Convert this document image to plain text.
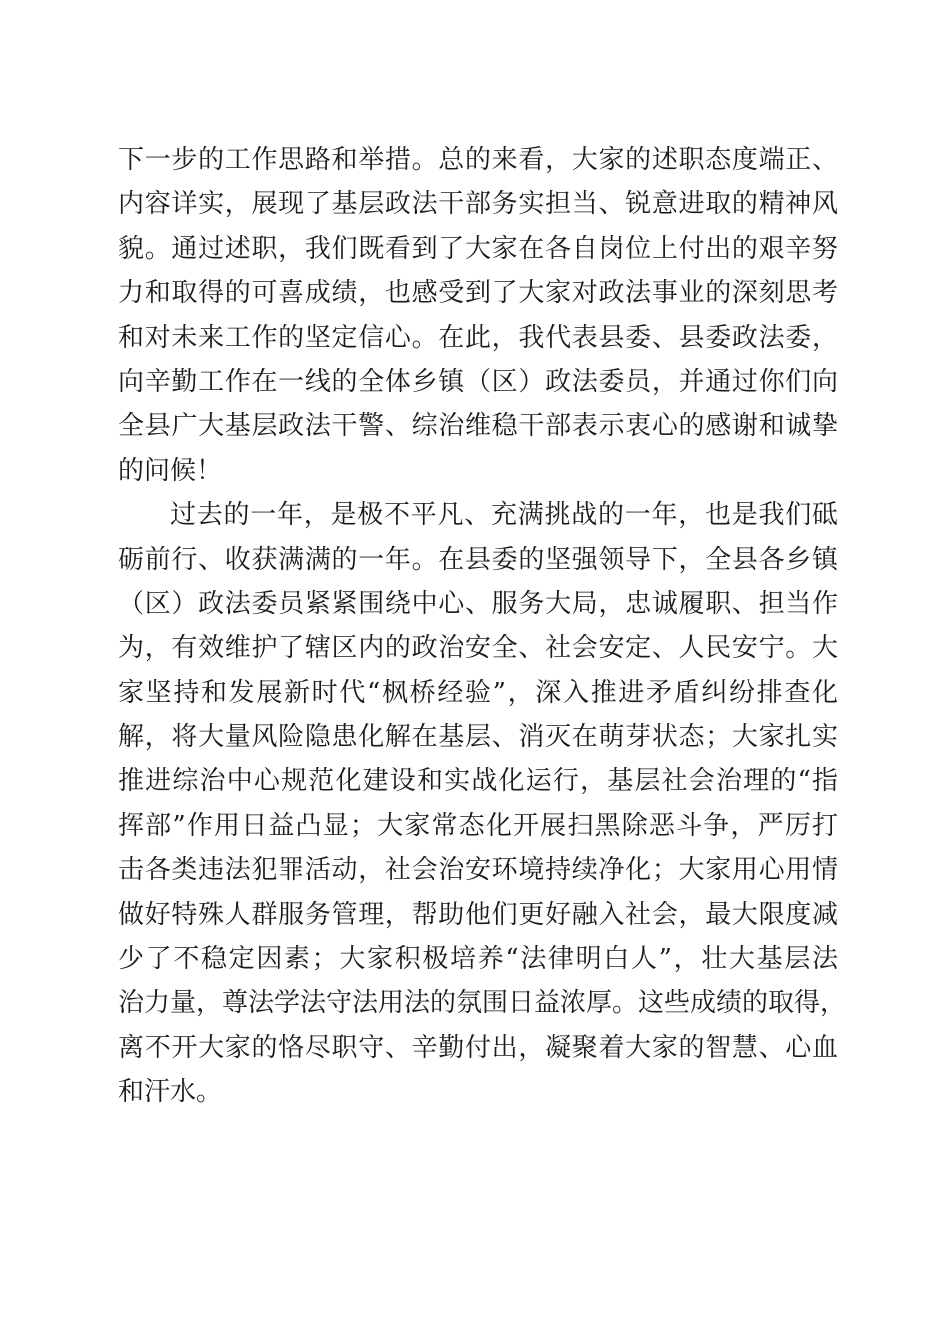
下一步的工作思路和举措。总的来看，大家的述职态度端正、
内容详实，展现了基层政法干部务实担当、锐意进取的精神风
貌。通过述职，我们既看到了大家在各自岗位上付出的艰辛努
力和取得的可喜成绩，也感受到了大家对政法事业的深刻思考
和对未来工作的坚定信心。在此，我代表县委、县委政法委，
向辛勤工作在一线的全体乡镇（区）政法委员，并通过你们向
全县广大基层政法干警、综治维稳干部表示衷心的感谢和诚挚
的问候！
过去的一年，是极不平凡、充满挑战的一年，也是我们砥
砺前行、收获满满的一年。在县委的坚强领导下，全县各乡镇
（区）政法委员紧紧围绕中心、服务大局，忠诚履职、担当作
为，有效维护了辖区内的政治安全、社会安定、人民安宁。大
家坚持和发展新时代“枫桥经验”，深入推进矛盾纠纷排查化
解，将大量风险隐患化解在基层、消灭在萌芽状态；大家扎实
推进综治中心规范化建设和实战化运行，基层社会治理的“指
挥部”作用日益凸显；大家常态化开展扫黑除恶斗争，严厉打
击各类违法犯罪活动，社会治安环境持续净化；大家用心用情
做好特殊人群服务管理，帮助他们更好融入社会，最大限度减
少了不稳定因素；大家积极培养“法律明白人”，壮大基层法
治力量，尊法学法守法用法的氛围日益浓厚。这些成绩的取得，
离不开大家的恪尽职守、辛勤付出，凝聚着大家的智慧、心血
和汗水。
